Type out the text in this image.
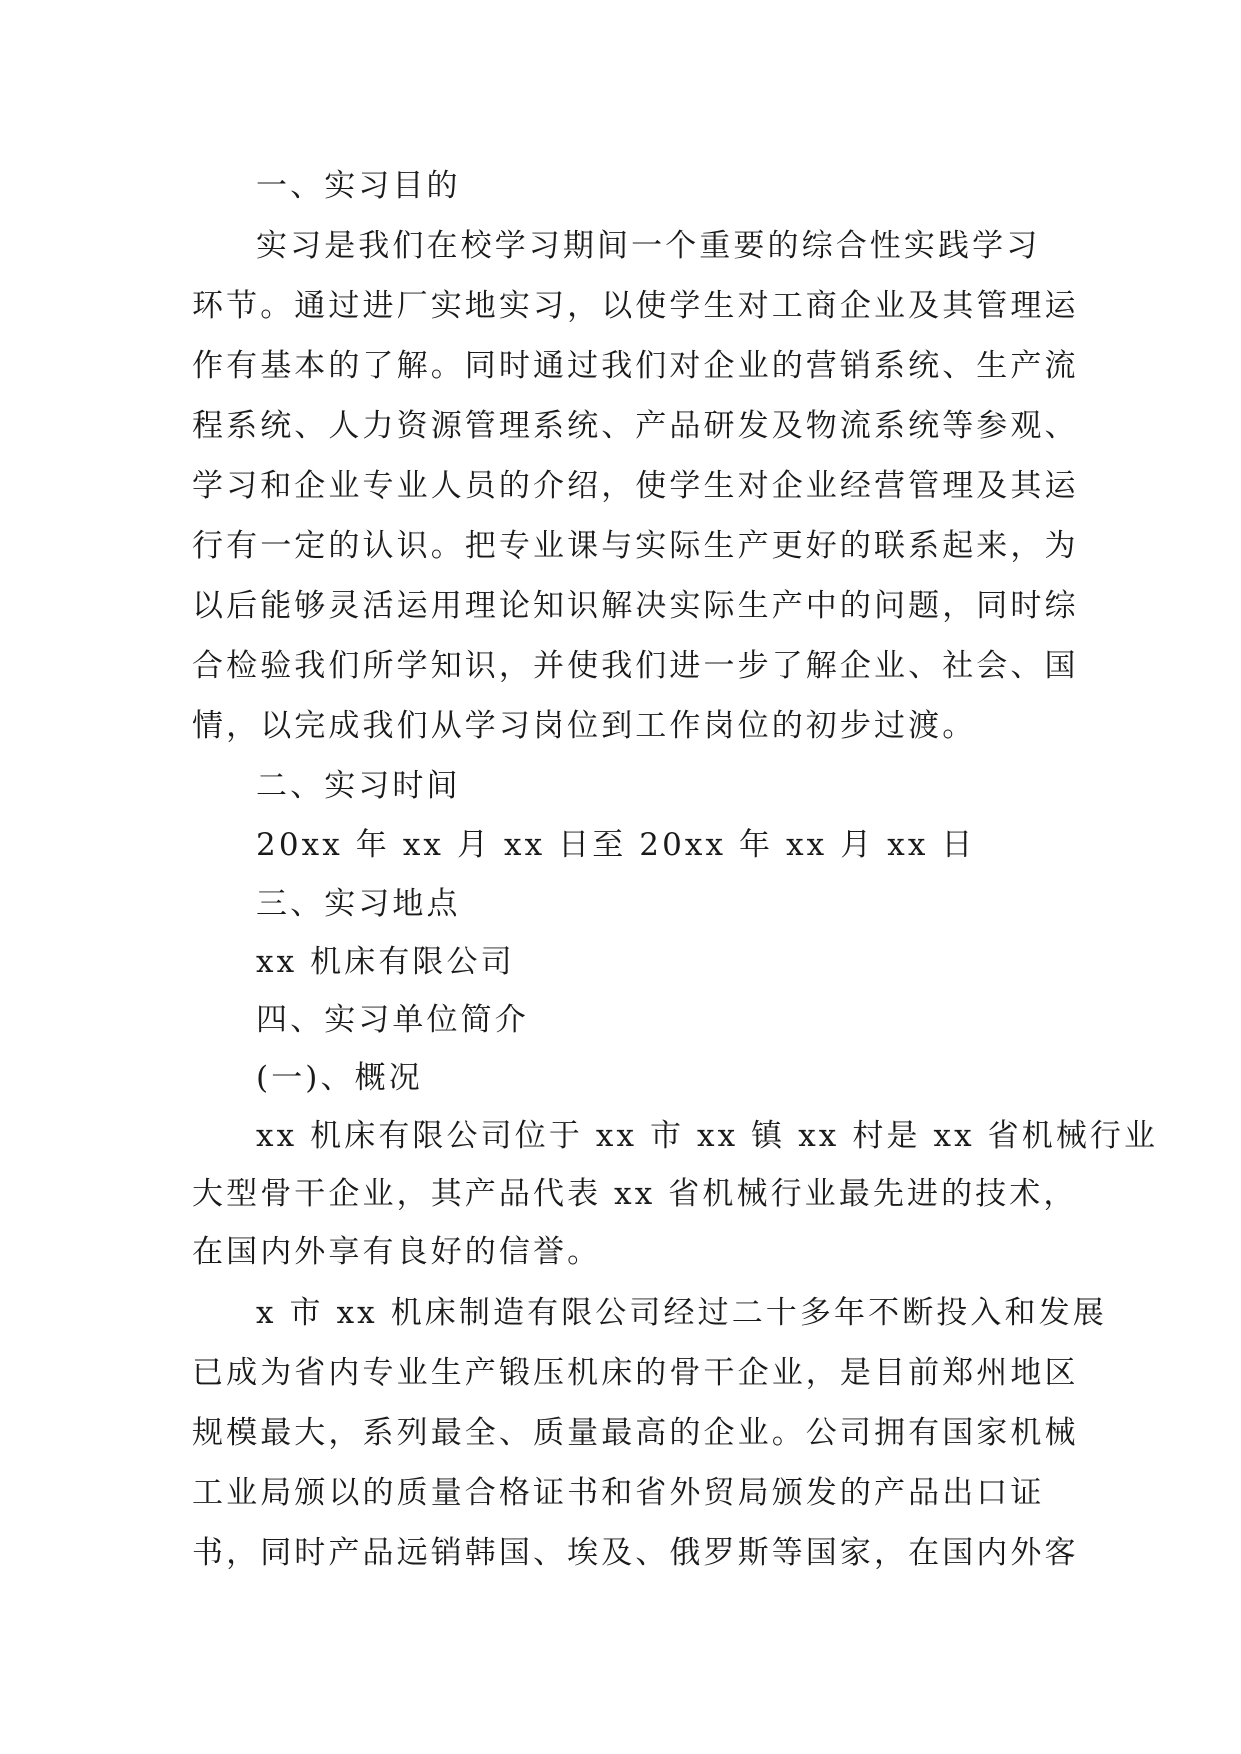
一、实习目的
实习是我们在校学习期间一个重要的综合性实践学习
环节。通过进厂实地实习，以使学生对工商企业及其管理运
作有基本的了解。同时通过我们对企业的营销系统、生产流
程系统、人力资源管理系统、产品研发及物流系统等参观、
学习和企业专业人员的介绍，使学生对企业经营管理及其运
行有一定的认识。把专业课与实际生产更好的联系起来，为
以后能够灵活运用理论知识解决实际生产中的问题，同时综
合检验我们所学知识，并使我们进一步了解企业、社会、国
情，以完成我们从学习岗位到工作岗位的初步过渡。
二、实习时间
20xx 年 xx 月 xx 日至 20xx 年 xx 月 xx 日
三、实习地点
xx 机床有限公司
四、实习单位简介
(一)、概况
xx 机床有限公司位于 xx 市 xx 镇 xx 村是 xx 省机械行业
大型骨干企业，其产品代表 xx 省机械行业最先进的技术，
在国内外享有良好的信誉。
x 市 xx 机床制造有限公司经过二十多年不断投入和发展
已成为省内专业生产锻压机床的骨干企业，是目前郑州地区
规模最大，系列最全、质量最高的企业。公司拥有国家机械
工业局颁以的质量合格证书和省外贸局颁发的产品出口证
书，同时产品远销韩国、埃及、俄罗斯等国家，在国内外客
